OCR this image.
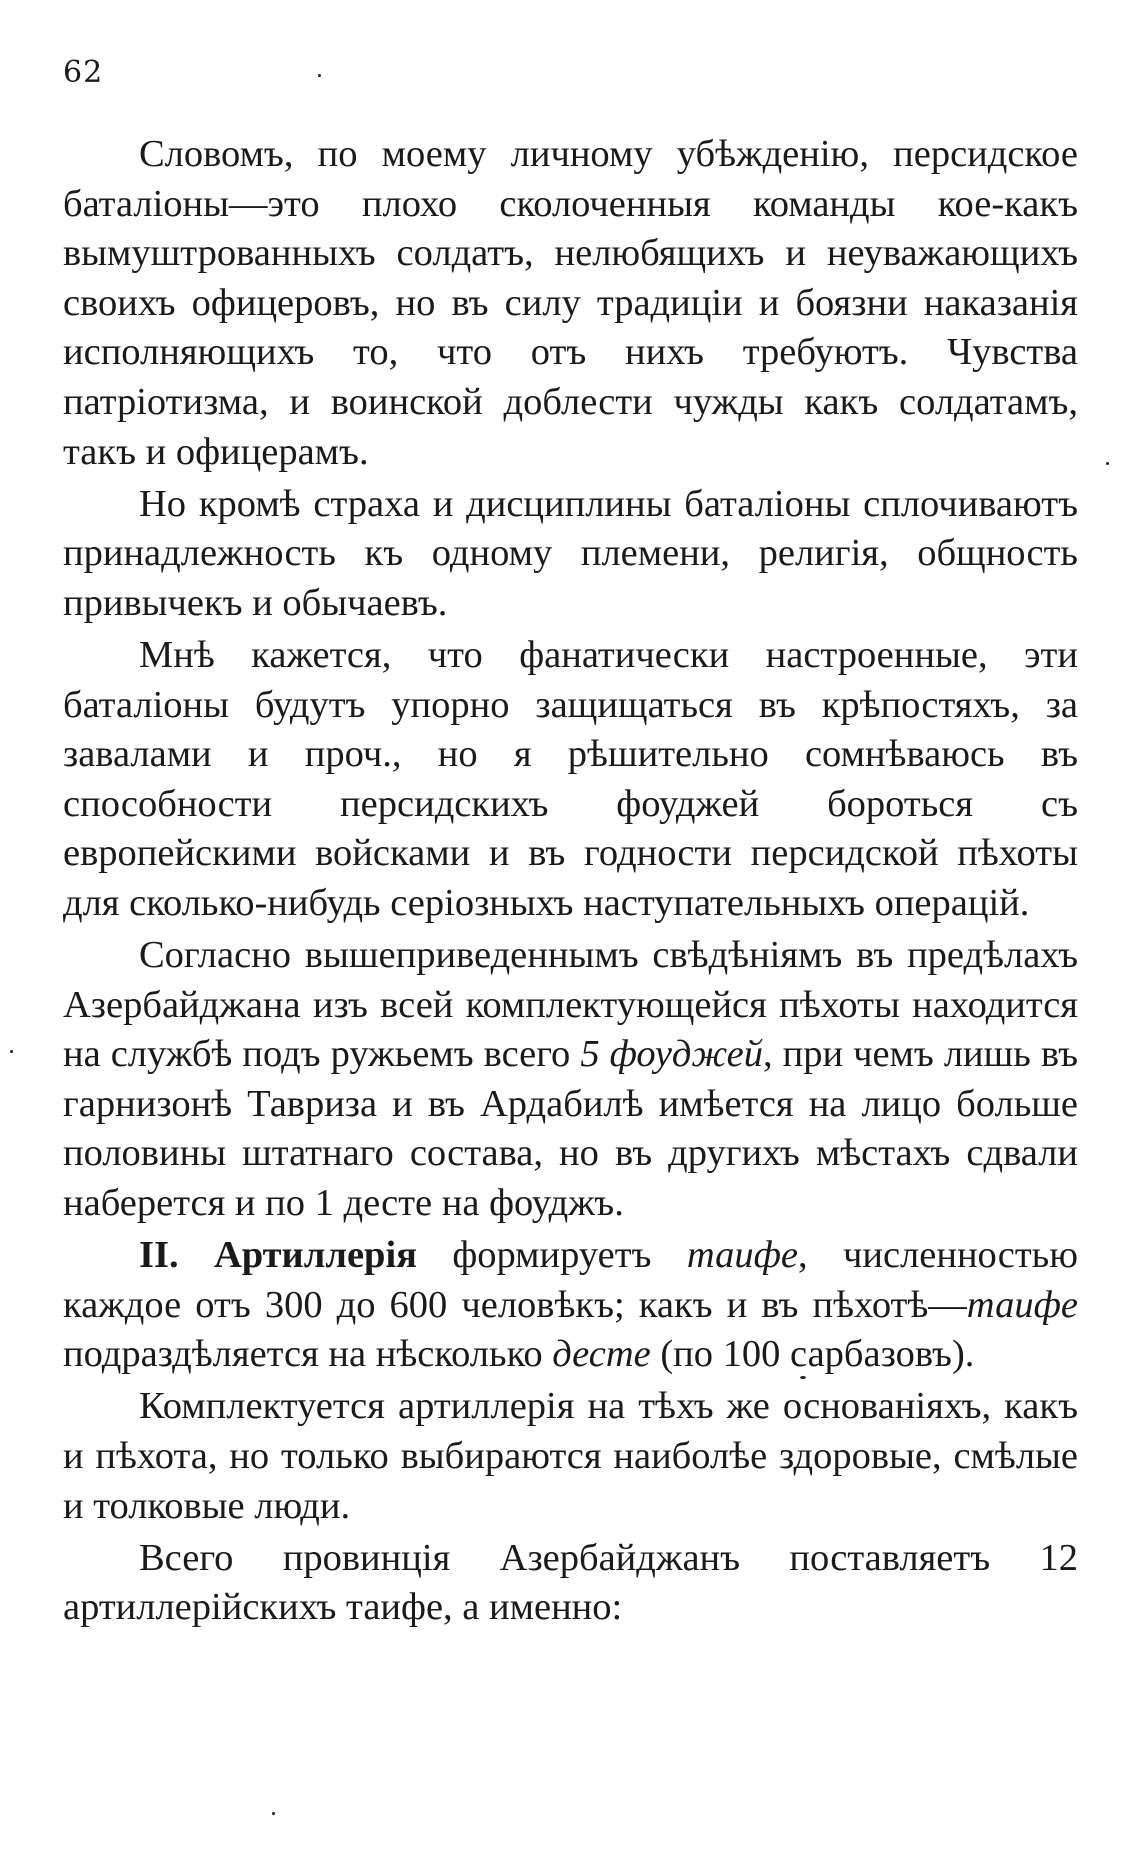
62

Словомъ, по моему личному убѣжденію, персидское баталіоны—это плохо сколоченныя команды кое-какъ вымуштрованныхъ солдатъ, нелюбящихъ и неуважающихъ своихъ офицеровъ, но въ силу традиціи и боязни наказанія исполняющихъ то, что отъ нихъ требуютъ. Чувства патріотизма, и воинской доблести чужды какъ солдатамъ, такъ и офицерамъ.

Но кромѣ страха и дисциплины баталіоны сплочиваютъ принадлежность къ одному племени, религія, общность привычекъ и обычаевъ.

Мнѣ кажется, что фанатически настроенные, эти баталіоны будутъ упорно защищаться въ крѣпостяхъ, за завалами и проч., но я рѣшительно сомнѣваюсь въ способности персидскихъ фоуджей бороться съ европейскими войсками и въ годности персидской пѣхоты для сколько-нибудь серіозныхъ наступательныхъ операцій.

Согласно вышеприведеннымъ свѣдѣніямъ въ предѣлахъ Азербайджана изъ всей комплектующейся пѣхоты находится на службѣ подъ ружьемъ всего 5 фоуджей, при чемъ лишь въ гарнизонѣ Тавриза и въ Ардабилѣ имѣется на лицо больше половины штатнаго состава, но въ другихъ мѣстахъ сдвали наберется и по 1 десте на фоуджъ.

II. Артиллерія формируетъ таифе, численностью каждое отъ 300 до 600 человѣкъ; какъ и въ пѣхотѣ—таифе подраздѣляется на нѣсколько десте (по 100 сарбазовъ).

Комплектуется артиллерія на тѣхъ же основаніяхъ, какъ и пѣхота, но только выбираются наиболѣе здоровые, смѣлые и толковые люди.

Всего провинція Азербайджанъ поставляетъ 12 артиллерійскихъ таифе, а именно:
